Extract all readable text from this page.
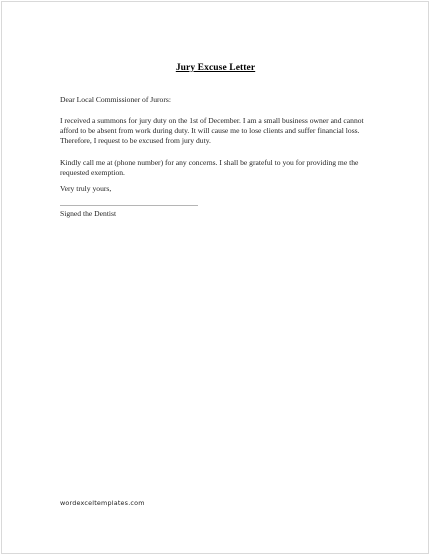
Jury Excuse Letter
Dear Local Commissioner of Jurors:
I received a summons for jury duty on the 1st of December. I am a small business owner and cannot afford to be absent from work during duty. It will cause me to lose clients and suffer financial loss. Therefore, I request to be excused from jury duty.
Kindly call me at (phone number) for any concerns. I shall be grateful to you for providing me the requested exemption.
Very truly yours,
Signed the Dentist
wordexceltemplates.com
